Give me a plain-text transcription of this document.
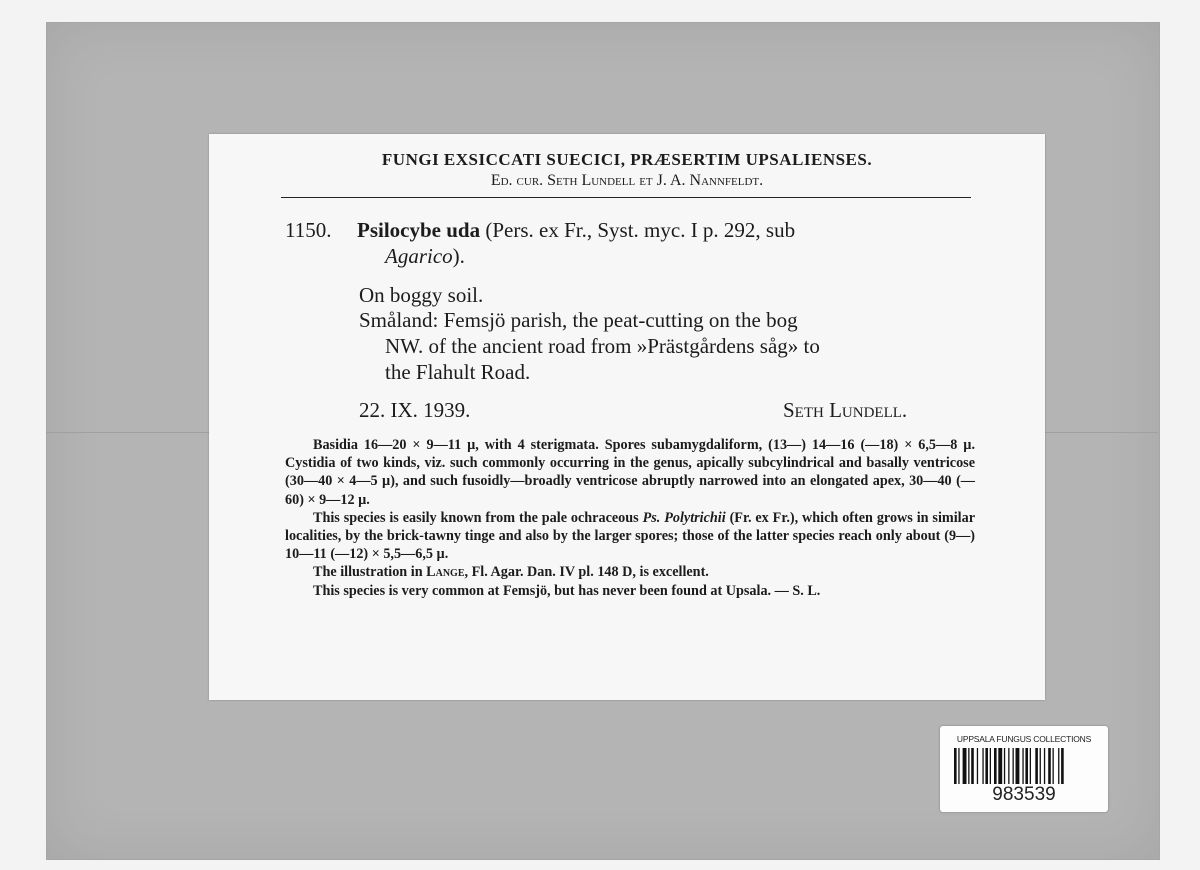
FUNGI EXSICCATI SUECICI, PRÆSERTIM UPSALIENSES.
Ed. cur. Seth Lundell et J. A. Nannfeldt.
1150. Psilocybe uda (Pers. ex Fr., Syst. myc. I p. 292, sub
Agarico).
On boggy soil.
Småland: Femsjö parish, the peat-cutting on the bog
NW. of the ancient road from »Prästgårdens såg» to
the Flahult Road.
22. IX. 1939.	Seth Lundell.

Basidia 16—20 × 9—11 µ, with 4 sterigmata. Spores subamygdaliform, (13—) 14—16 (—18) × 6,5—8 µ. Cystidia of two kinds, viz. such commonly occurring in the genus, apically subcylindrical and basally ventricose (30—40 × 4—5 µ), and such fusoidly—broadly ventricose abruptly narrowed into an elongated apex, 30—40 (—60) × 9—12 µ.

This species is easily known from the pale ochraceous Ps. Polytrichii (Fr. ex Fr.), which often grows in similar localities, by the brick-tawny tinge and also by the larger spores; those of the latter species reach only about (9—) 10—11 (—12) × 5,5—6,5 µ.

The illustration in Lange, Fl. Agar. Dan. IV pl. 148 D, is excellent.

This species is very common at Femsjö, but has never been found at Upsala. — S. L.

UPPSALA FUNGUS COLLECTIONS
983539
